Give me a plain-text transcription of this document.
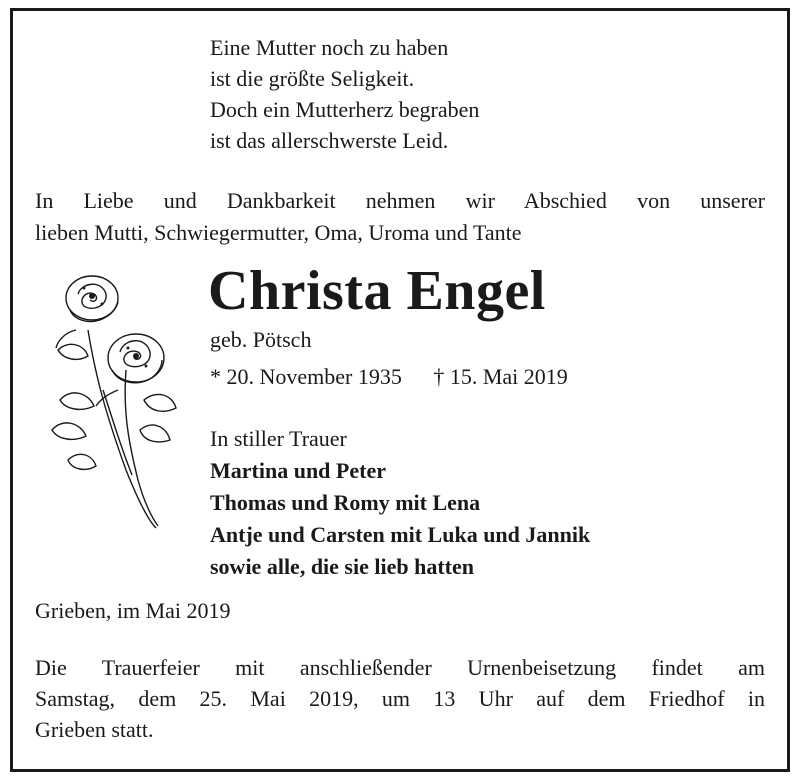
Eine Mutter noch zu haben
ist die größte Seligkeit.
Doch ein Mutterherz begraben
ist das allerschwerste Leid.
In Liebe und Dankbarkeit nehmen wir Abschied von unserer
lieben Mutti, Schwiegermutter, Oma, Uroma und Tante
Christa Engel
geb. Pötsch
* 20. November 1935 † 15. Mai 2019
In stiller Trauer
Martina und Peter
Thomas und Romy mit Lena
Antje und Carsten mit Luka und Jannik
sowie alle, die sie lieb hatten
Grieben, im Mai 2019
Die Trauerfeier mit anschließender Urnenbeisetzung findet am
Samstag, dem 25. Mai 2019, um 13 Uhr auf dem Friedhof in
Grieben statt.
